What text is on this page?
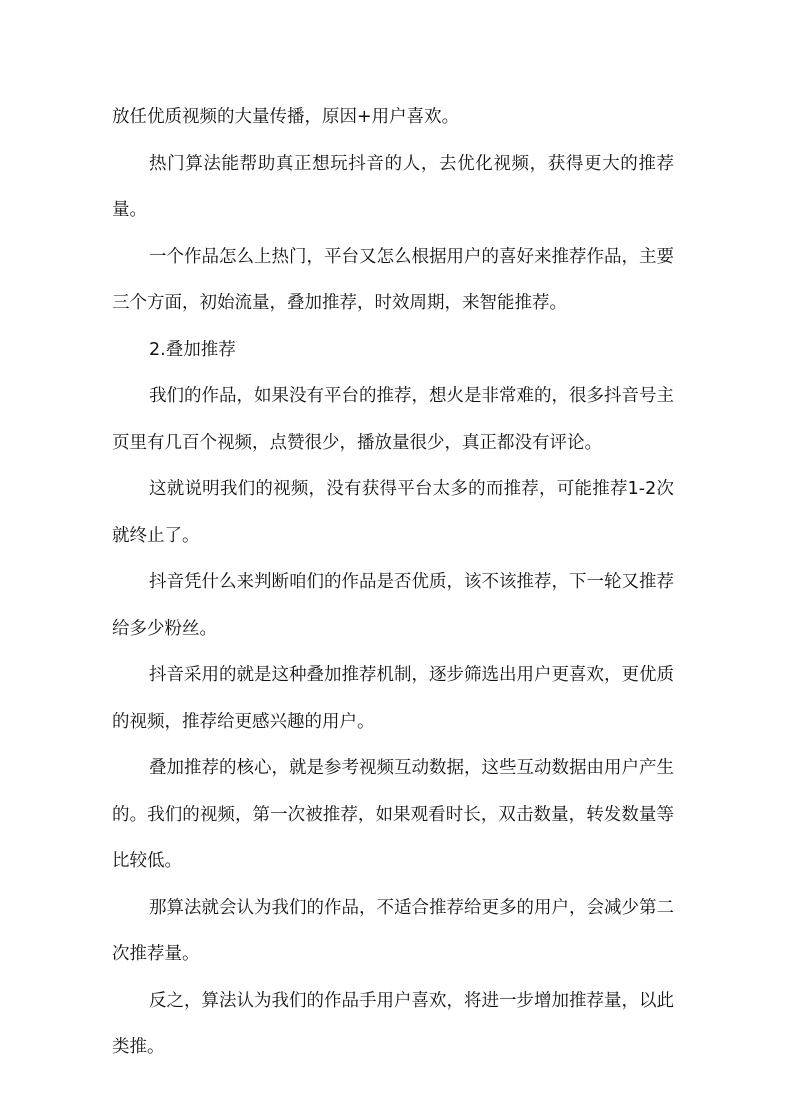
放任优质视频的大量传播，原因+用户喜欢。

热门算法能帮助真正想玩抖音的人，去优化视频，获得更大的推荐量。

一个作品怎么上热门，平台又怎么根据用户的喜好来推荐作品，主要三个方面，初始流量，叠加推荐，时效周期，来智能推荐。

2.叠加推荐

我们的作品，如果没有平台的推荐，想火是非常难的，很多抖音号主页里有几百个视频，点赞很少，播放量很少，真正都没有评论。

这就说明我们的视频，没有获得平台太多的而推荐，可能推荐1-2次就终止了。

抖音凭什么来判断咱们的作品是否优质，该不该推荐，下一轮又推荐给多少粉丝。

抖音采用的就是这种叠加推荐机制，逐步筛选出用户更喜欢，更优质的视频，推荐给更感兴趣的用户。

叠加推荐的核心，就是参考视频互动数据，这些互动数据由用户产生的。我们的视频，第一次被推荐，如果观看时长，双击数量，转发数量等比较低。

那算法就会认为我们的作品，不适合推荐给更多的用户，会减少第二次推荐量。

反之，算法认为我们的作品手用户喜欢，将进一步增加推荐量，以此类推。
